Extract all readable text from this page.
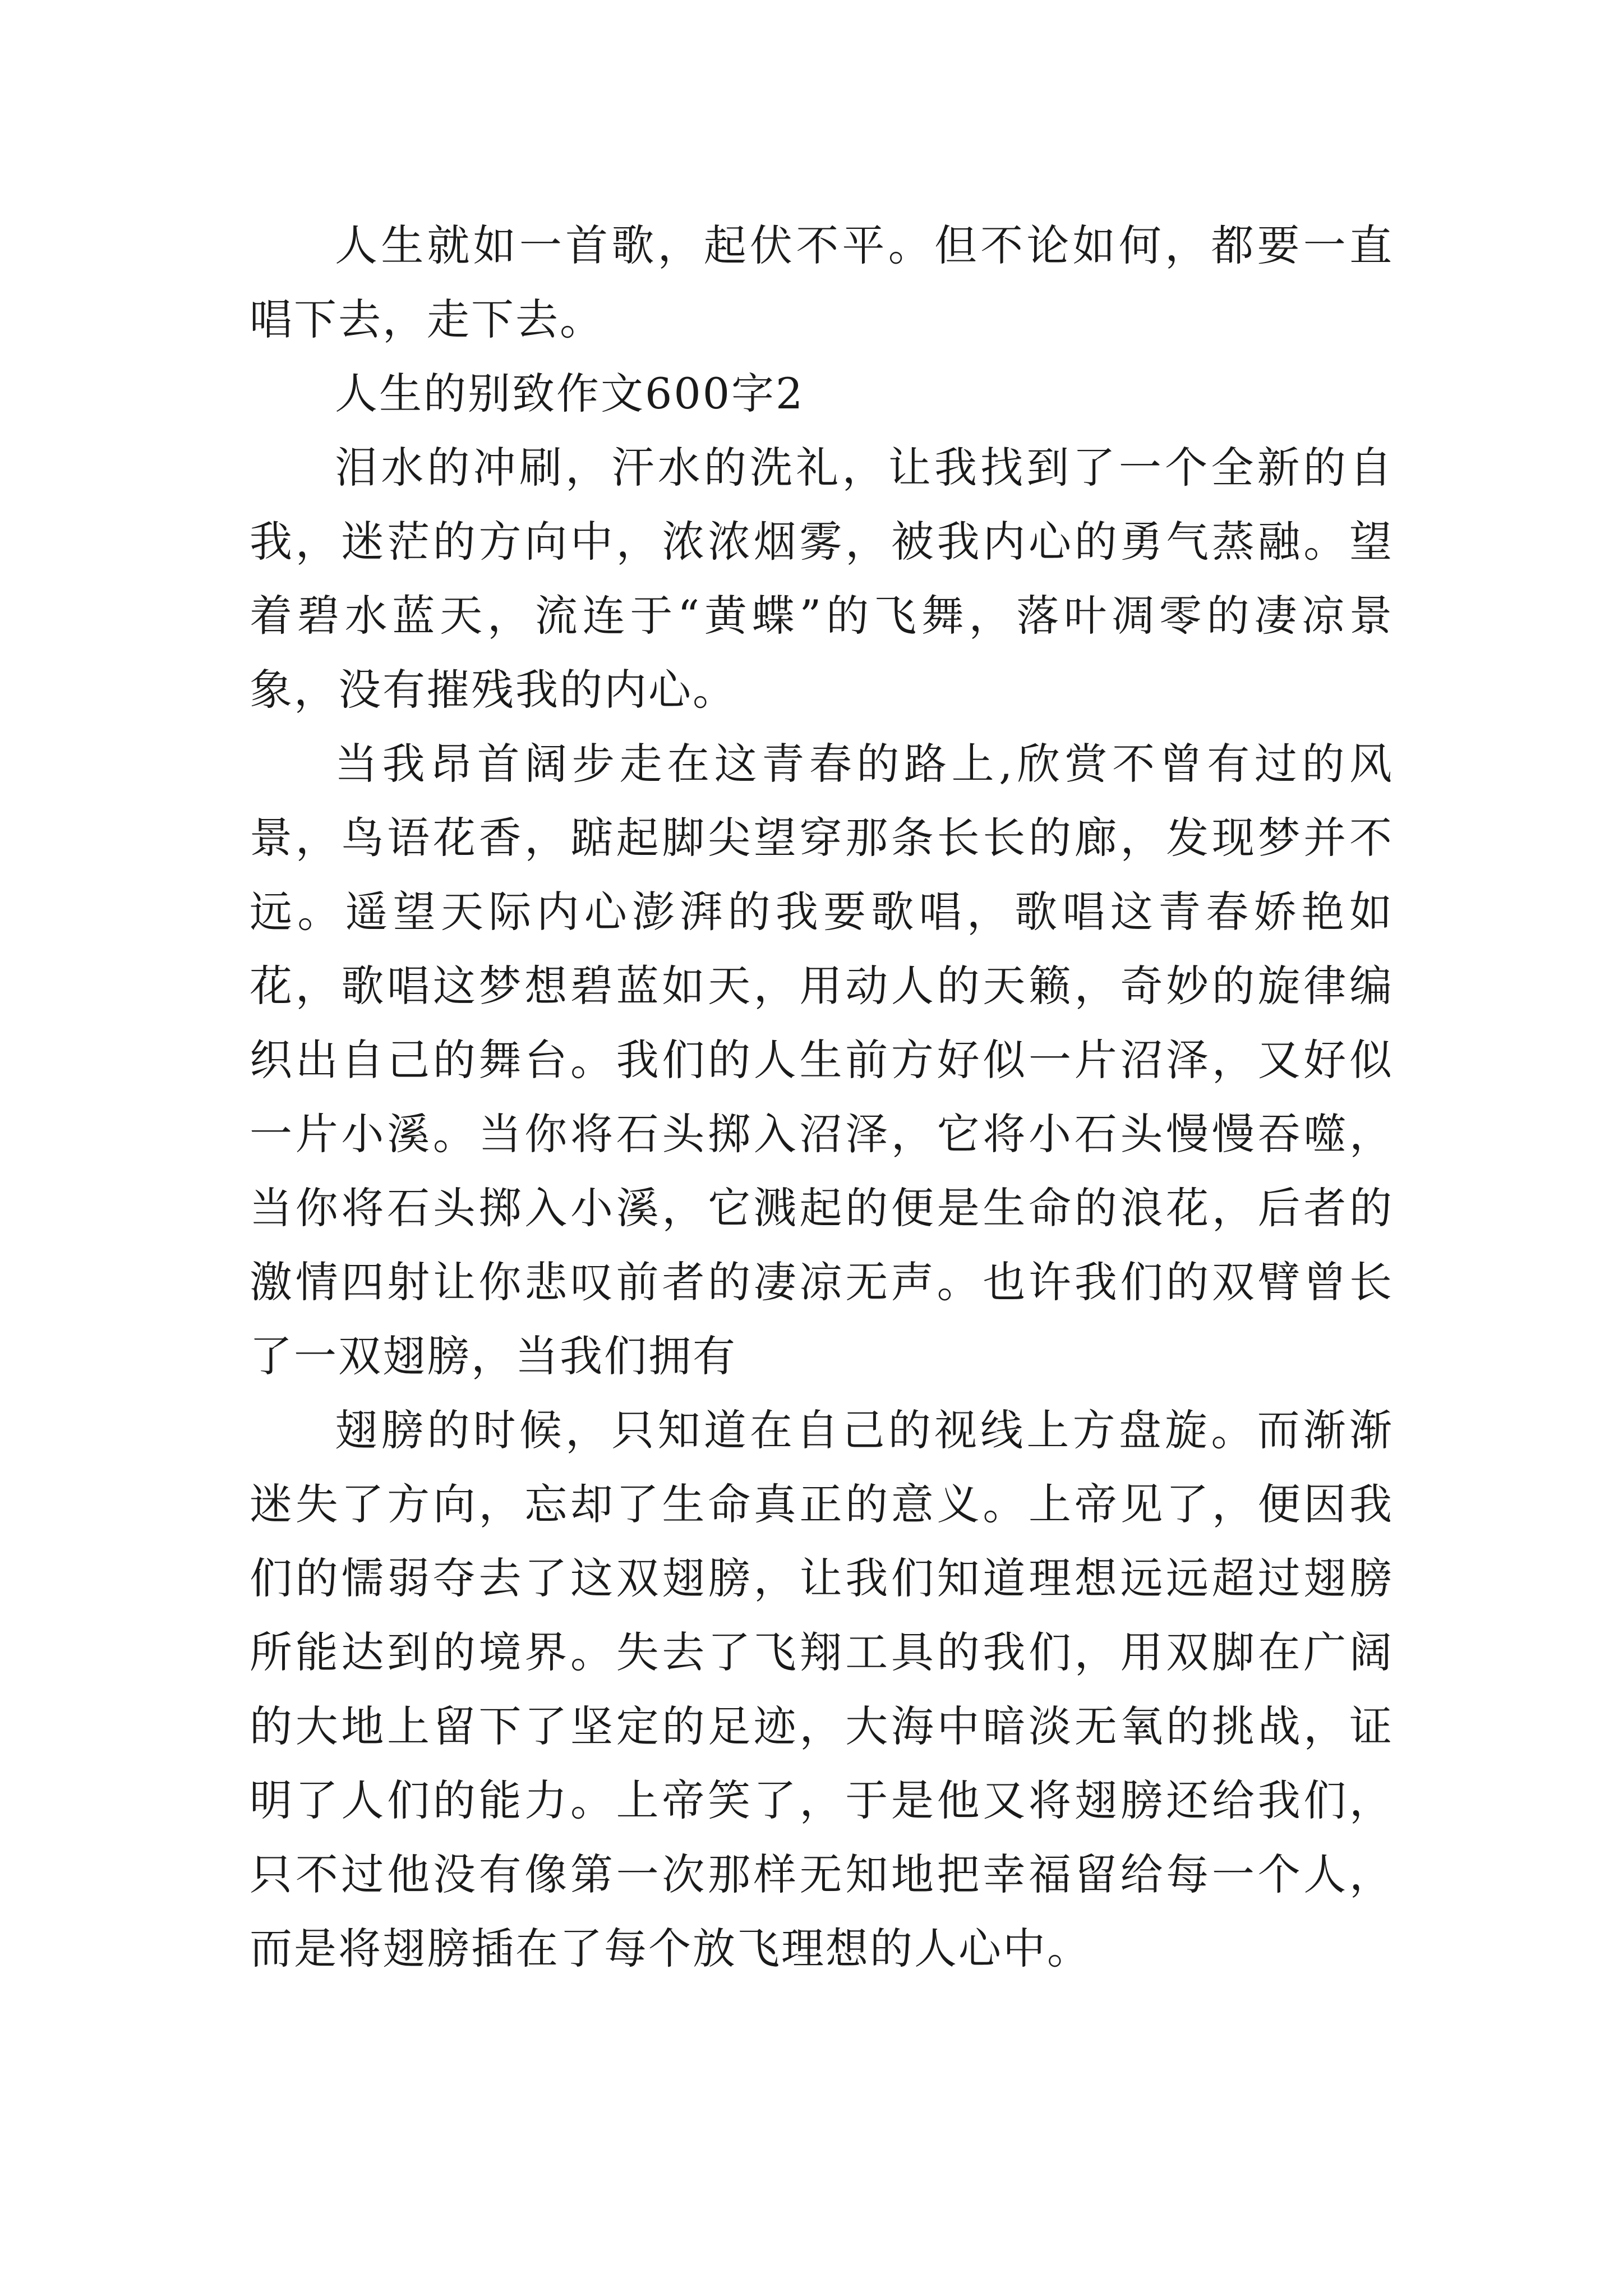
人生就如一首歌，起伏不平。但不论如何，都要一直唱下去，走下去。

人生的别致作文600字2

泪水的冲刷，汗水的洗礼，让我找到了一个全新的自我，迷茫的方向中，浓浓烟雾，被我内心的勇气蒸融。望着碧水蓝天，流连于“黄蝶”的飞舞，落叶凋零的凄凉景象，没有摧残我的内心。

当我昂首阔步走在这青春的路上,欣赏不曾有过的风景，鸟语花香，踮起脚尖望穿那条长长的廊，发现梦并不远。遥望天际内心澎湃的我要歌唱，歌唱这青春娇艳如花，歌唱这梦想碧蓝如天，用动人的天籁，奇妙的旋律编织出自己的舞台。我们的人生前方好似一片沼泽，又好似一片小溪。当你将石头掷入沼泽，它将小石头慢慢吞噬，当你将石头掷入小溪，它溅起的便是生命的浪花，后者的激情四射让你悲叹前者的凄凉无声。也许我们的双臂曾长了一双翅膀，当我们拥有

翅膀的时候，只知道在自己的视线上方盘旋。而渐渐迷失了方向，忘却了生命真正的意义。上帝见了，便因我们的懦弱夺去了这双翅膀，让我们知道理想远远超过翅膀所能达到的境界。失去了飞翔工具的我们，用双脚在广阔的大地上留下了坚定的足迹，大海中暗淡无氧的挑战，证明了人们的能力。上帝笑了，于是他又将翅膀还给我们，只不过他没有像第一次那样无知地把幸福留给每一个人，而是将翅膀插在了每个放飞理想的人心中。
